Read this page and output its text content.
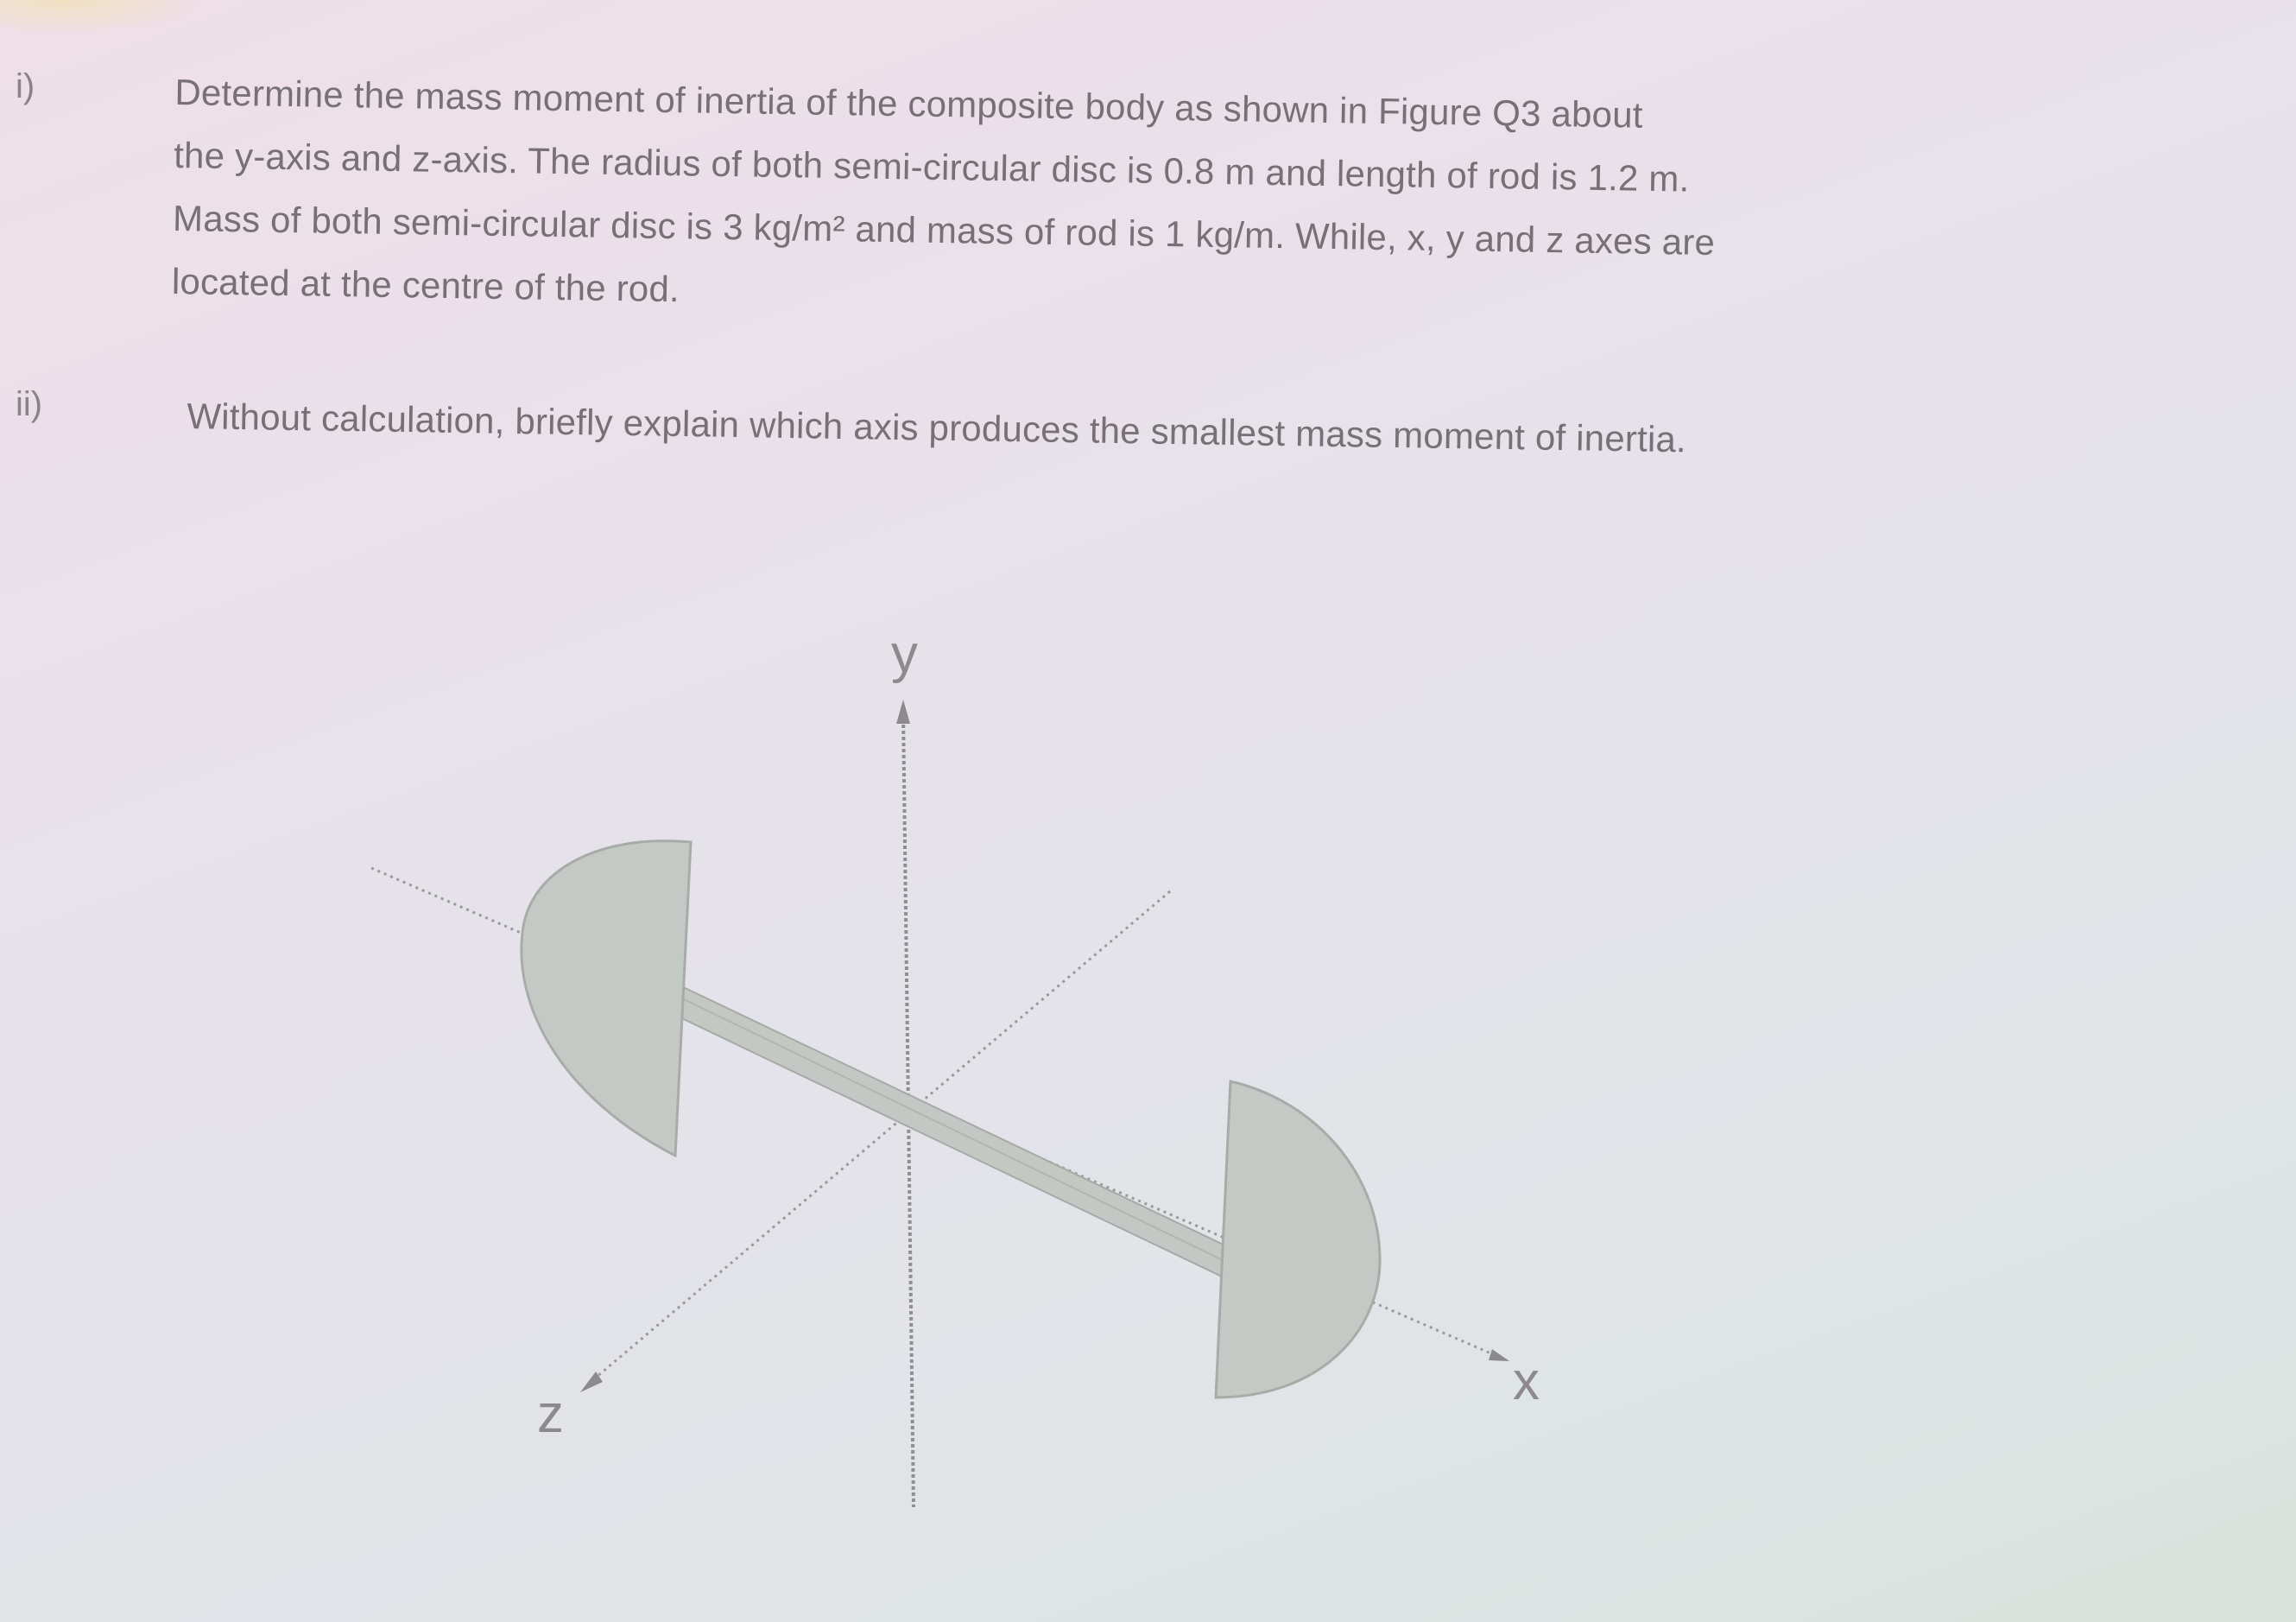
i)	Determine the mass moment of inertia of the composite body as shown in Figure Q3 about
the y-axis and z-axis. The radius of both semi-circular disc is 0.8 m and length of rod is 1.2 m.
Mass of both semi-circular disc is 3 kg/m² and mass of rod is 1 kg/m. While, x, y and z axes are
located at the centre of the rod.
ii)	Without calculation, briefly explain which axis produces the smallest mass moment of inertia.
y
z
x
